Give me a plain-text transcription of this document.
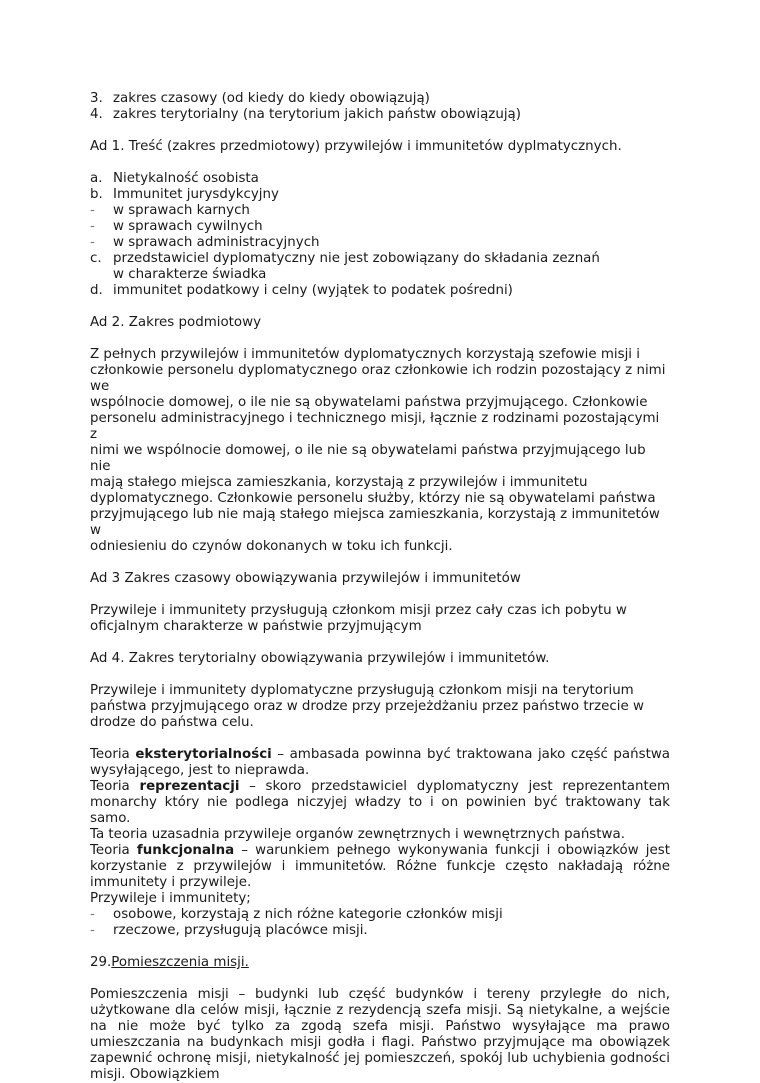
3. zakres czasowy (od kiedy do kiedy obowiązują)
4. zakres terytorialny (na terytorium jakich państw obowiązują)

Ad 1. Treść (zakres przedmiotowy) przywilejów i immunitetów dyplmatycznych.

a. Nietykalność osobista
b. Immunitet jurysdykcyjny
-	w sprawach karnych
-	w sprawach cywilnych
-	w sprawach administracyjnych
c. przedstawiciel dyplomatyczny nie jest zobowiązany do składania zeznań w charakterze świadka
d. immunitet podatkowy i celny (wyjątek to podatek pośredni)

Ad 2. Zakres podmiotowy

Z pełnych przywilejów i immunitetów dyplomatycznych korzystają szefowie misji i
członkowie personelu dyplomatycznego oraz członkowie ich rodzin pozostający z nimi we
wspólnocie domowej, o ile nie są obywatelami państwa przyjmującego. Członkowie
personelu administracyjnego i technicznego misji, łącznie z rodzinami pozostającymi z
nimi we wspólnocie domowej, o ile nie są obywatelami państwa przyjmującego lub nie
mają stałego miejsca zamieszkania, korzystają z przywilejów i immunitetu
dyplomatycznego. Członkowie personelu służby, którzy nie są obywatelami państwa
przyjmującego lub nie mają stałego miejsca zamieszkania, korzystają z immunitetów w
odniesieniu do czynów dokonanych w toku ich funkcji.

Ad 3 Zakres czasowy obowiązywania przywilejów i immunitetów

Przywileje i immunitety przysługują członkom misji przez cały czas ich pobytu w
oficjalnym charakterze w państwie przyjmującym

Ad 4. Zakres terytorialny obowiązywania przywilejów i immunitetów.

Przywileje i immunitety dyplomatyczne przysługują członkom misji na terytorium
państwa przyjmującego oraz w drodze przy przejeżdżaniu przez państwo trzecie w
drodze do państwa celu.

Teoria eksterytorialności – ambasada powinna być traktowana jako część państwa wysyłającego, jest to nieprawda.

Teoria reprezentacji – skoro przedstawiciel dyplomatyczny jest reprezentantem monarchy który nie podlega niczyjej władzy to i on powinien być traktowany tak samo.

Ta teoria uzasadnia przywileje organów zewnętrznych i wewnętrznych państwa.

Teoria funkcjonalna – warunkiem pełnego wykonywania funkcji i obowiązków jest korzystanie z przywilejów i immunitetów. Różne funkcje często nakładają różne immunitety i przywileje.

Przywileje i immunitety;

-	osobowe, korzystają z nich różne kategorie członków misji
-	rzeczowe, przysługują placówce misji.

29.Pomieszczenia misji.

Pomieszczenia misji – budynki lub część budynków i tereny przyległe do nich, użytkowane dla celów misji, łącznie z rezydencją szefa misji. Są nietykalne, a wejście na nie może być tylko za zgodą szefa misji. Państwo wysyłające ma prawo umieszczania na budynkach misji godła i flagi. Państwo przyjmujące ma obowiązek zapewnić ochronę misji, nietykalność jej pomieszczeń, spokój lub uchybienia godności misji. Obowiązkiem
